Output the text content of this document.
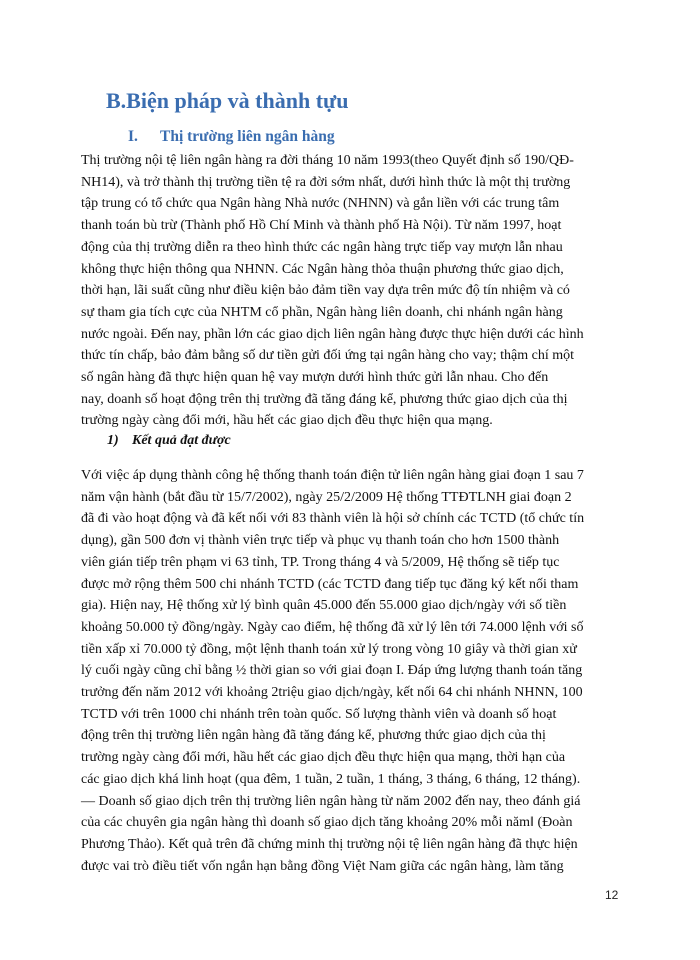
B.Biện pháp và thành tựu
I. Thị trường liên ngân hàng

Thị trường nội tệ liên ngân hàng ra đời tháng 10 năm 1993(theo Quyết định số 190/QĐ-
NH14), và trở thành thị trường tiền tệ ra đời sớm nhất, dưới hình thức là một thị trường
tập trung có tổ chức qua Ngân hàng Nhà nước (NHNN) và gắn liền với các trung tâm
thanh toán bù trừ (Thành phố Hồ Chí Minh và thành phố Hà Nội). Từ năm 1997, hoạt
động của thị trường diễn ra theo hình thức các ngân hàng trực tiếp vay mượn lẫn nhau
không thực hiện thông qua NHNN. Các Ngân hàng thỏa thuận phương thức giao dịch,
thời hạn, lãi suất cũng như điều kiện bảo đảm tiền vay dựa trên mức độ tín nhiệm và có
sự tham gia tích cực của NHTM cổ phần, Ngân hàng liên doanh, chi nhánh ngân hàng
nước ngoài. Đến nay, phần lớn các giao dịch liên ngân hàng được thực hiện dưới các hình
thức tín chấp, bảo đảm bằng số dư tiền gửi đối ứng tại ngân hàng cho vay; thậm chí một
số ngân hàng đã thực hiện quan hệ vay mượn dưới hình thức gửi lẫn nhau. Cho đến
nay, doanh số hoạt động trên thị trường đã tăng đáng kể, phương thức giao dịch của thị
trường ngày càng đổi mới, hầu hết các giao dịch đều thực hiện qua mạng.

1) Kết quả đạt được

Với việc áp dụng thành công hệ thống thanh toán điện tử liên ngân hàng giai đoạn 1 sau 7
năm vận hành (bắt đầu từ 15/7/2002), ngày 25/2/2009 Hệ thống TTĐTLNH giai đoạn 2
đã đi vào hoạt động và đã kết nối với 83 thành viên là hội sở chính các TCTD (tổ chức tín
dụng), gần 500 đơn vị thành viên trực tiếp và phục vụ thanh toán cho hơn 1500 thành
viên gián tiếp trên phạm vi 63 tỉnh, TP. Trong tháng 4 và 5/2009, Hệ thống sẽ tiếp tục
được mở rộng thêm 500 chi nhánh TCTD (các TCTD đang tiếp tục đăng ký kết nối tham
gia). Hiện nay, Hệ thống xử lý bình quân 45.000 đến 55.000 giao dịch/ngày với số tiền
khoảng 50.000 tỷ đồng/ngày. Ngày cao điểm, hệ thống đã xử lý lên tới 74.000 lệnh với số
tiền xấp xỉ 70.000 tỷ đồng, một lệnh thanh toán xử lý trong vòng 10 giây và thời gian xử
lý cuối ngày cũng chỉ bằng ½ thời gian so với giai đoạn I. Đáp ứng lượng thanh toán tăng
trưởng đến năm 2012 với khoảng 2triệu giao dịch/ngày, kết nối 64 chi nhánh NHNN, 100
TCTD với trên 1000 chi nhánh trên toàn quốc. Số lượng thành viên và doanh số hoạt
động trên thị trường liên ngân hàng đã tăng đáng kể, phương thức giao dịch của thị
trường ngày càng đổi mới, hầu hết các giao dịch đều thực hiện qua mạng, thời hạn của
các giao dịch khá linh hoạt (qua đêm, 1 tuần, 2 tuần, 1 tháng, 3 tháng, 6 tháng, 12 tháng).
— Doanh số giao dịch trên thị trường liên ngân hàng từ năm 2002 đến nay, theo đánh giá
của các chuyên gia ngân hàng thì doanh số giao dịch tăng khoảng 20% mỗi năm‖ (Đoàn
Phương Thảo). Kết quả trên đã chứng minh thị trường nội tệ liên ngân hàng đã thực hiện
được vai trò điều tiết vốn ngắn hạn bằng đồng Việt Nam giữa các ngân hàng, làm tăng

12
